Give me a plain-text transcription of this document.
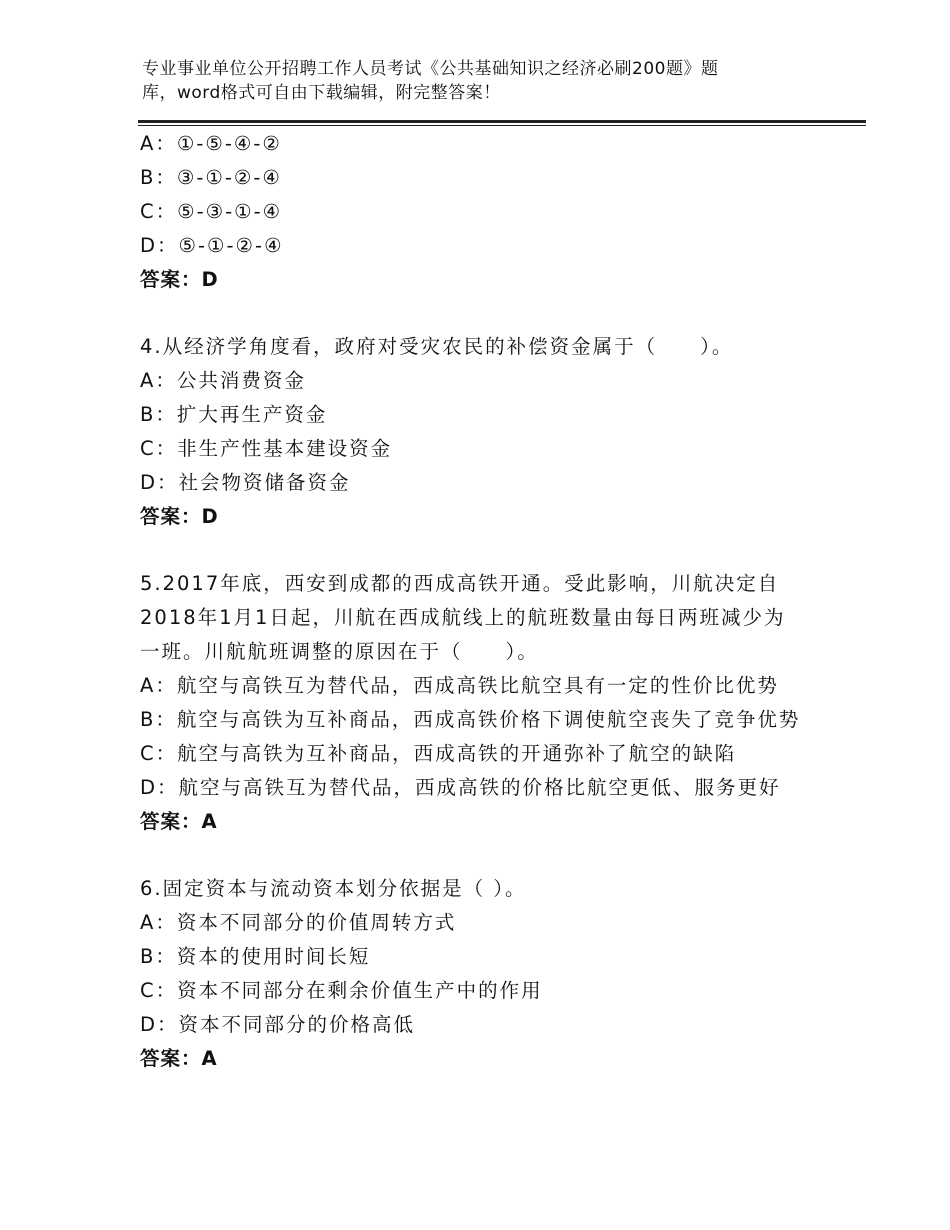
专业事业单位公开招聘工作人员考试《公共基础知识之经济必刷200题》题
库，word格式可自由下载编辑，附完整答案！
A：①-⑤-④-②
B：③-①-②-④
C：⑤-③-①-④
D：⑤-①-②-④
答案：D
4.从经济学角度看，政府对受灾农民的补偿资金属于（　　）。
A：公共消费资金
B：扩大再生产资金
C：非生产性基本建设资金
D：社会物资储备资金
答案：D
5.2017年底，西安到成都的西成高铁开通。受此影响，川航决定自
2018年1月1日起，川航在西成航线上的航班数量由每日两班减少为
一班。川航航班调整的原因在于（　　）。
A：航空与高铁互为替代品，西成高铁比航空具有一定的性价比优势
B：航空与高铁为互补商品，西成高铁价格下调使航空丧失了竞争优势
C：航空与高铁为互补商品，西成高铁的开通弥补了航空的缺陷
D：航空与高铁互为替代品，西成高铁的价格比航空更低、服务更好
答案：A
6.固定资本与流动资本划分依据是（ ）。
A：资本不同部分的价值周转方式
B：资本的使用时间长短
C：资本不同部分在剩余价值生产中的作用
D：资本不同部分的价格高低
答案：A
